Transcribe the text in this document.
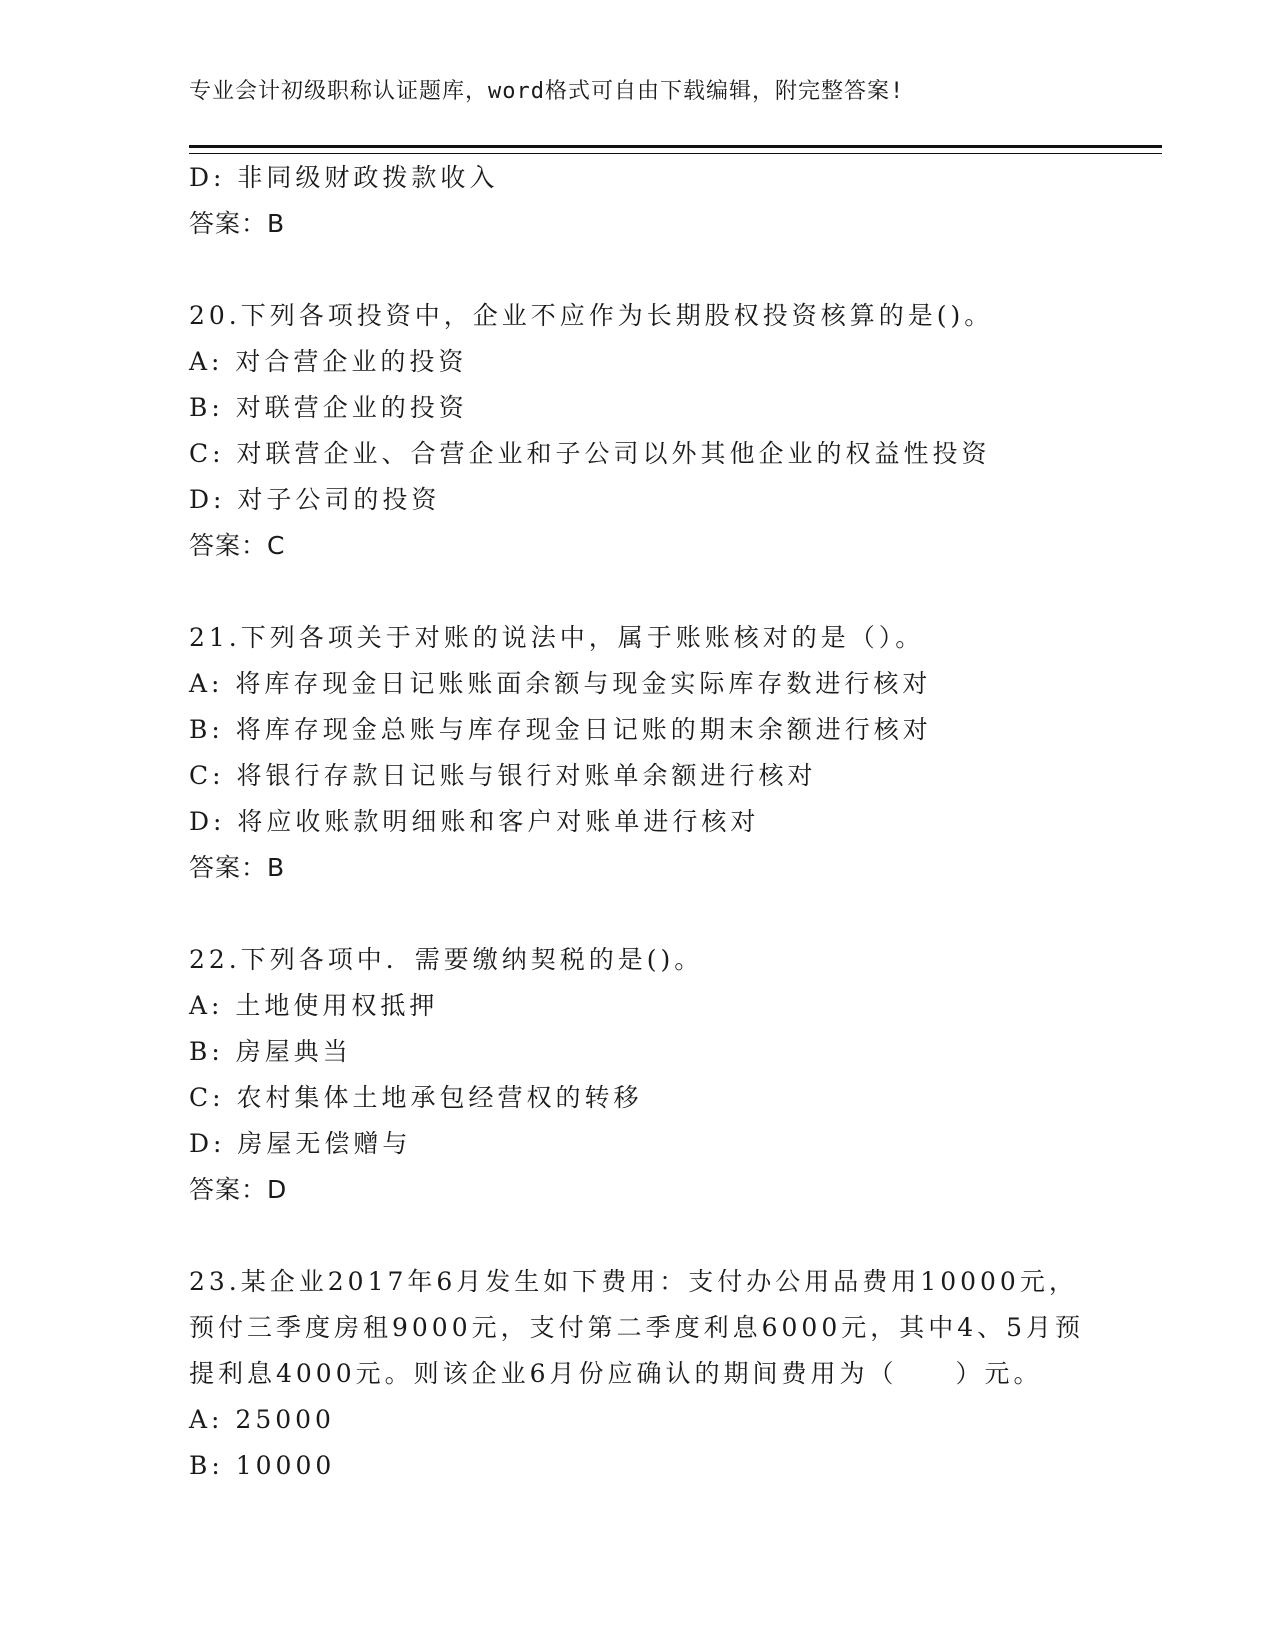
专业会计初级职称认证题库，word格式可自由下载编辑，附完整答案!
D: 非同级财政拨款收入
答案：B
20.下列各项投资中，企业不应作为长期股权投资核算的是()。
A: 对合营企业的投资
B: 对联营企业的投资
C: 对联营企业、合营企业和子公司以外其他企业的权益性投资
D: 对子公司的投资
答案：C
21.下列各项关于对账的说法中，属于账账核对的是（）。
A: 将库存现金日记账账面余额与现金实际库存数进行核对
B: 将库存现金总账与库存现金日记账的期末余额进行核对
C: 将银行存款日记账与银行对账单余额进行核对
D: 将应收账款明细账和客户对账单进行核对
答案：B
22.下列各项中．需要缴纳契税的是()。
A: 土地使用权抵押
B: 房屋典当
C: 农村集体土地承包经营权的转移
D: 房屋无偿赠与
答案：D
23.某企业2017年6月发生如下费用：支付办公用品费用10000元，
预付三季度房租9000元，支付第二季度利息6000元，其中4、5月预
提利息4000元。则该企业6月份应确认的期间费用为（　　）元。
A: 25000
B: 10000
